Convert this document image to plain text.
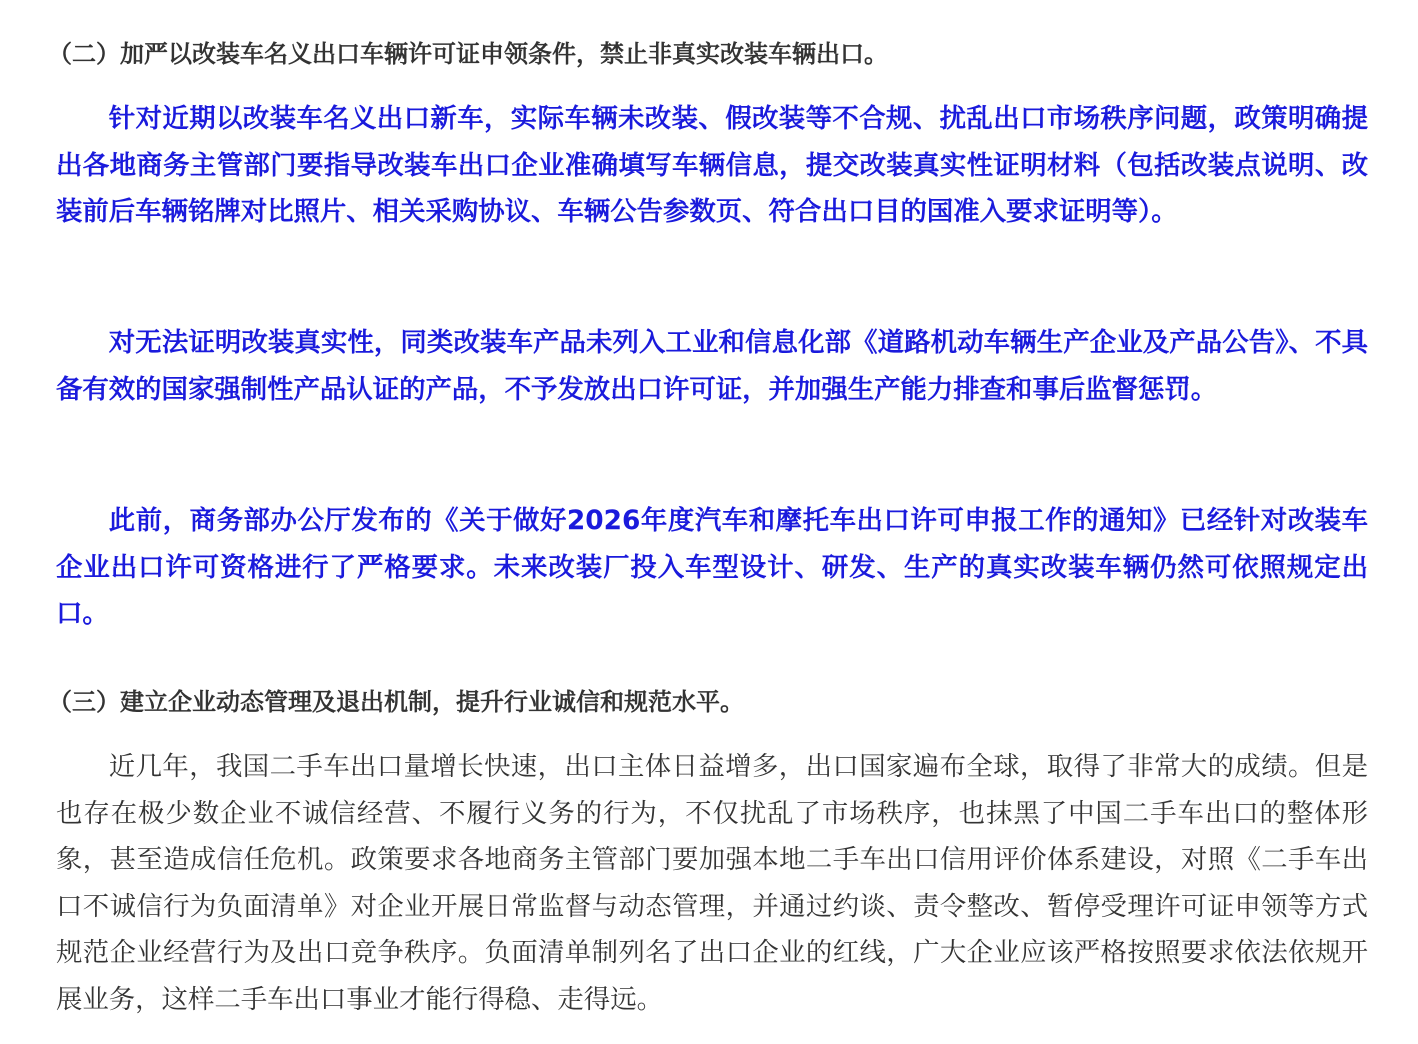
（二）加严以改装车名义出口车辆许可证申领条件，禁止非真实改装车辆出口。

针对近期以改装车名义出口新车，实际车辆未改装、假改装等不合规、扰乱出口市场秩序问题，政策明确提出各地商务主管部门要指导改装车出口企业准确填写车辆信息，提交改装真实性证明材料（包括改装点说明、改装前后车辆铭牌对比照片、相关采购协议、车辆公告参数页、符合出口目的国准入要求证明等）。

对无法证明改装真实性，同类改装车产品未列入工业和信息化部《道路机动车辆生产企业及产品公告》、不具备有效的国家强制性产品认证的产品，不予发放出口许可证，并加强生产能力排查和事后监督惩罚。

此前，商务部办公厅发布的《关于做好2026年度汽车和摩托车出口许可申报工作的通知》已经针对改装车企业出口许可资格进行了严格要求。未来改装厂投入车型设计、研发、生产的真实改装车辆仍然可依照规定出口。

（三）建立企业动态管理及退出机制，提升行业诚信和规范水平。

近几年，我国二手车出口量增长快速，出口主体日益增多，出口国家遍布全球，取得了非常大的成绩。但是也存在极少数企业不诚信经营、不履行义务的行为，不仅扰乱了市场秩序，也抹黑了中国二手车出口的整体形象，甚至造成信任危机。政策要求各地商务主管部门要加强本地二手车出口信用评价体系建设，对照《二手车出口不诚信行为负面清单》对企业开展日常监督与动态管理，并通过约谈、责令整改、暂停受理许可证申领等方式规范企业经营行为及出口竞争秩序。负面清单制列名了出口企业的红线，广大企业应该严格按照要求依法依规开展业务，这样二手车出口事业才能行得稳、走得远。
